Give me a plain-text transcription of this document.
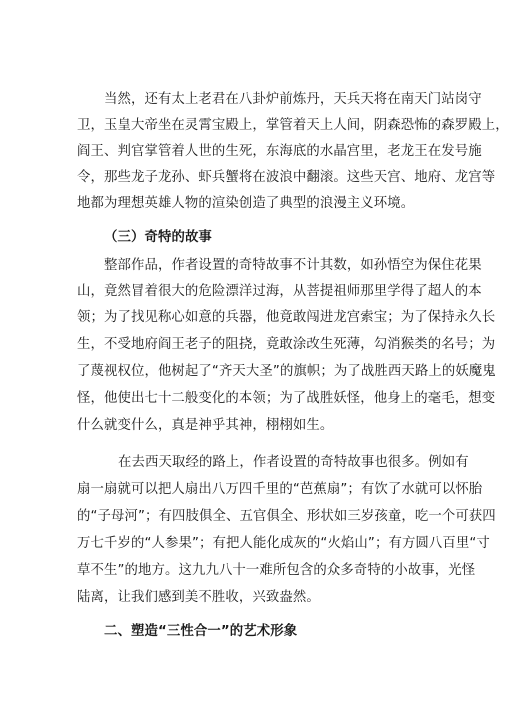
当然，还有太上老君在八卦炉前炼丹，天兵天将在南天门站岗守
卫，玉皇大帝坐在灵霄宝殿上，掌管着天上人间，阴森恐怖的森罗殿上，
阎王、判官掌管着人世的生死，东海底的水晶宫里，老龙王在发号施
令，那些龙子龙孙、虾兵蟹将在波浪中翻滚。这些天宫、地府、龙宫等
地都为理想英雄人物的渲染创造了典型的浪漫主义环境。
（三）奇特的故事
整部作品，作者设置的奇特故事不计其数，如孙悟空为保住花果
山，竟然冒着很大的危险漂洋过海，从菩提祖师那里学得了超人的本
领；为了找见称心如意的兵器，他竟敢闯进龙宫索宝；为了保持永久长
生，不受地府阎王老子的阻挠，竟敢涂改生死薄，勾消猴类的名号；为
了蔑视权位，他树起了“齐天大圣”的旗帜；为了战胜西天路上的妖魔鬼
怪，他使出七十二般变化的本领；为了战胜妖怪，他身上的毫毛，想变
什么就变什么，真是神乎其神，栩栩如生。
在去西天取经的路上，作者设置的奇特故事也很多。例如有
扇一扇就可以把人扇出八万四千里的“芭蕉扇”；有饮了水就可以怀胎
的“子母河”；有四肢俱全、五官俱全、形状如三岁孩童，吃一个可获四
万七千岁的“人参果”；有把人能化成灰的“火焰山”；有方圆八百里“寸
草不生”的地方。这九九八十一难所包含的众多奇特的小故事，光怪
陆离，让我们感到美不胜收，兴致盎然。
二、塑造“三性合一”的艺术形象
